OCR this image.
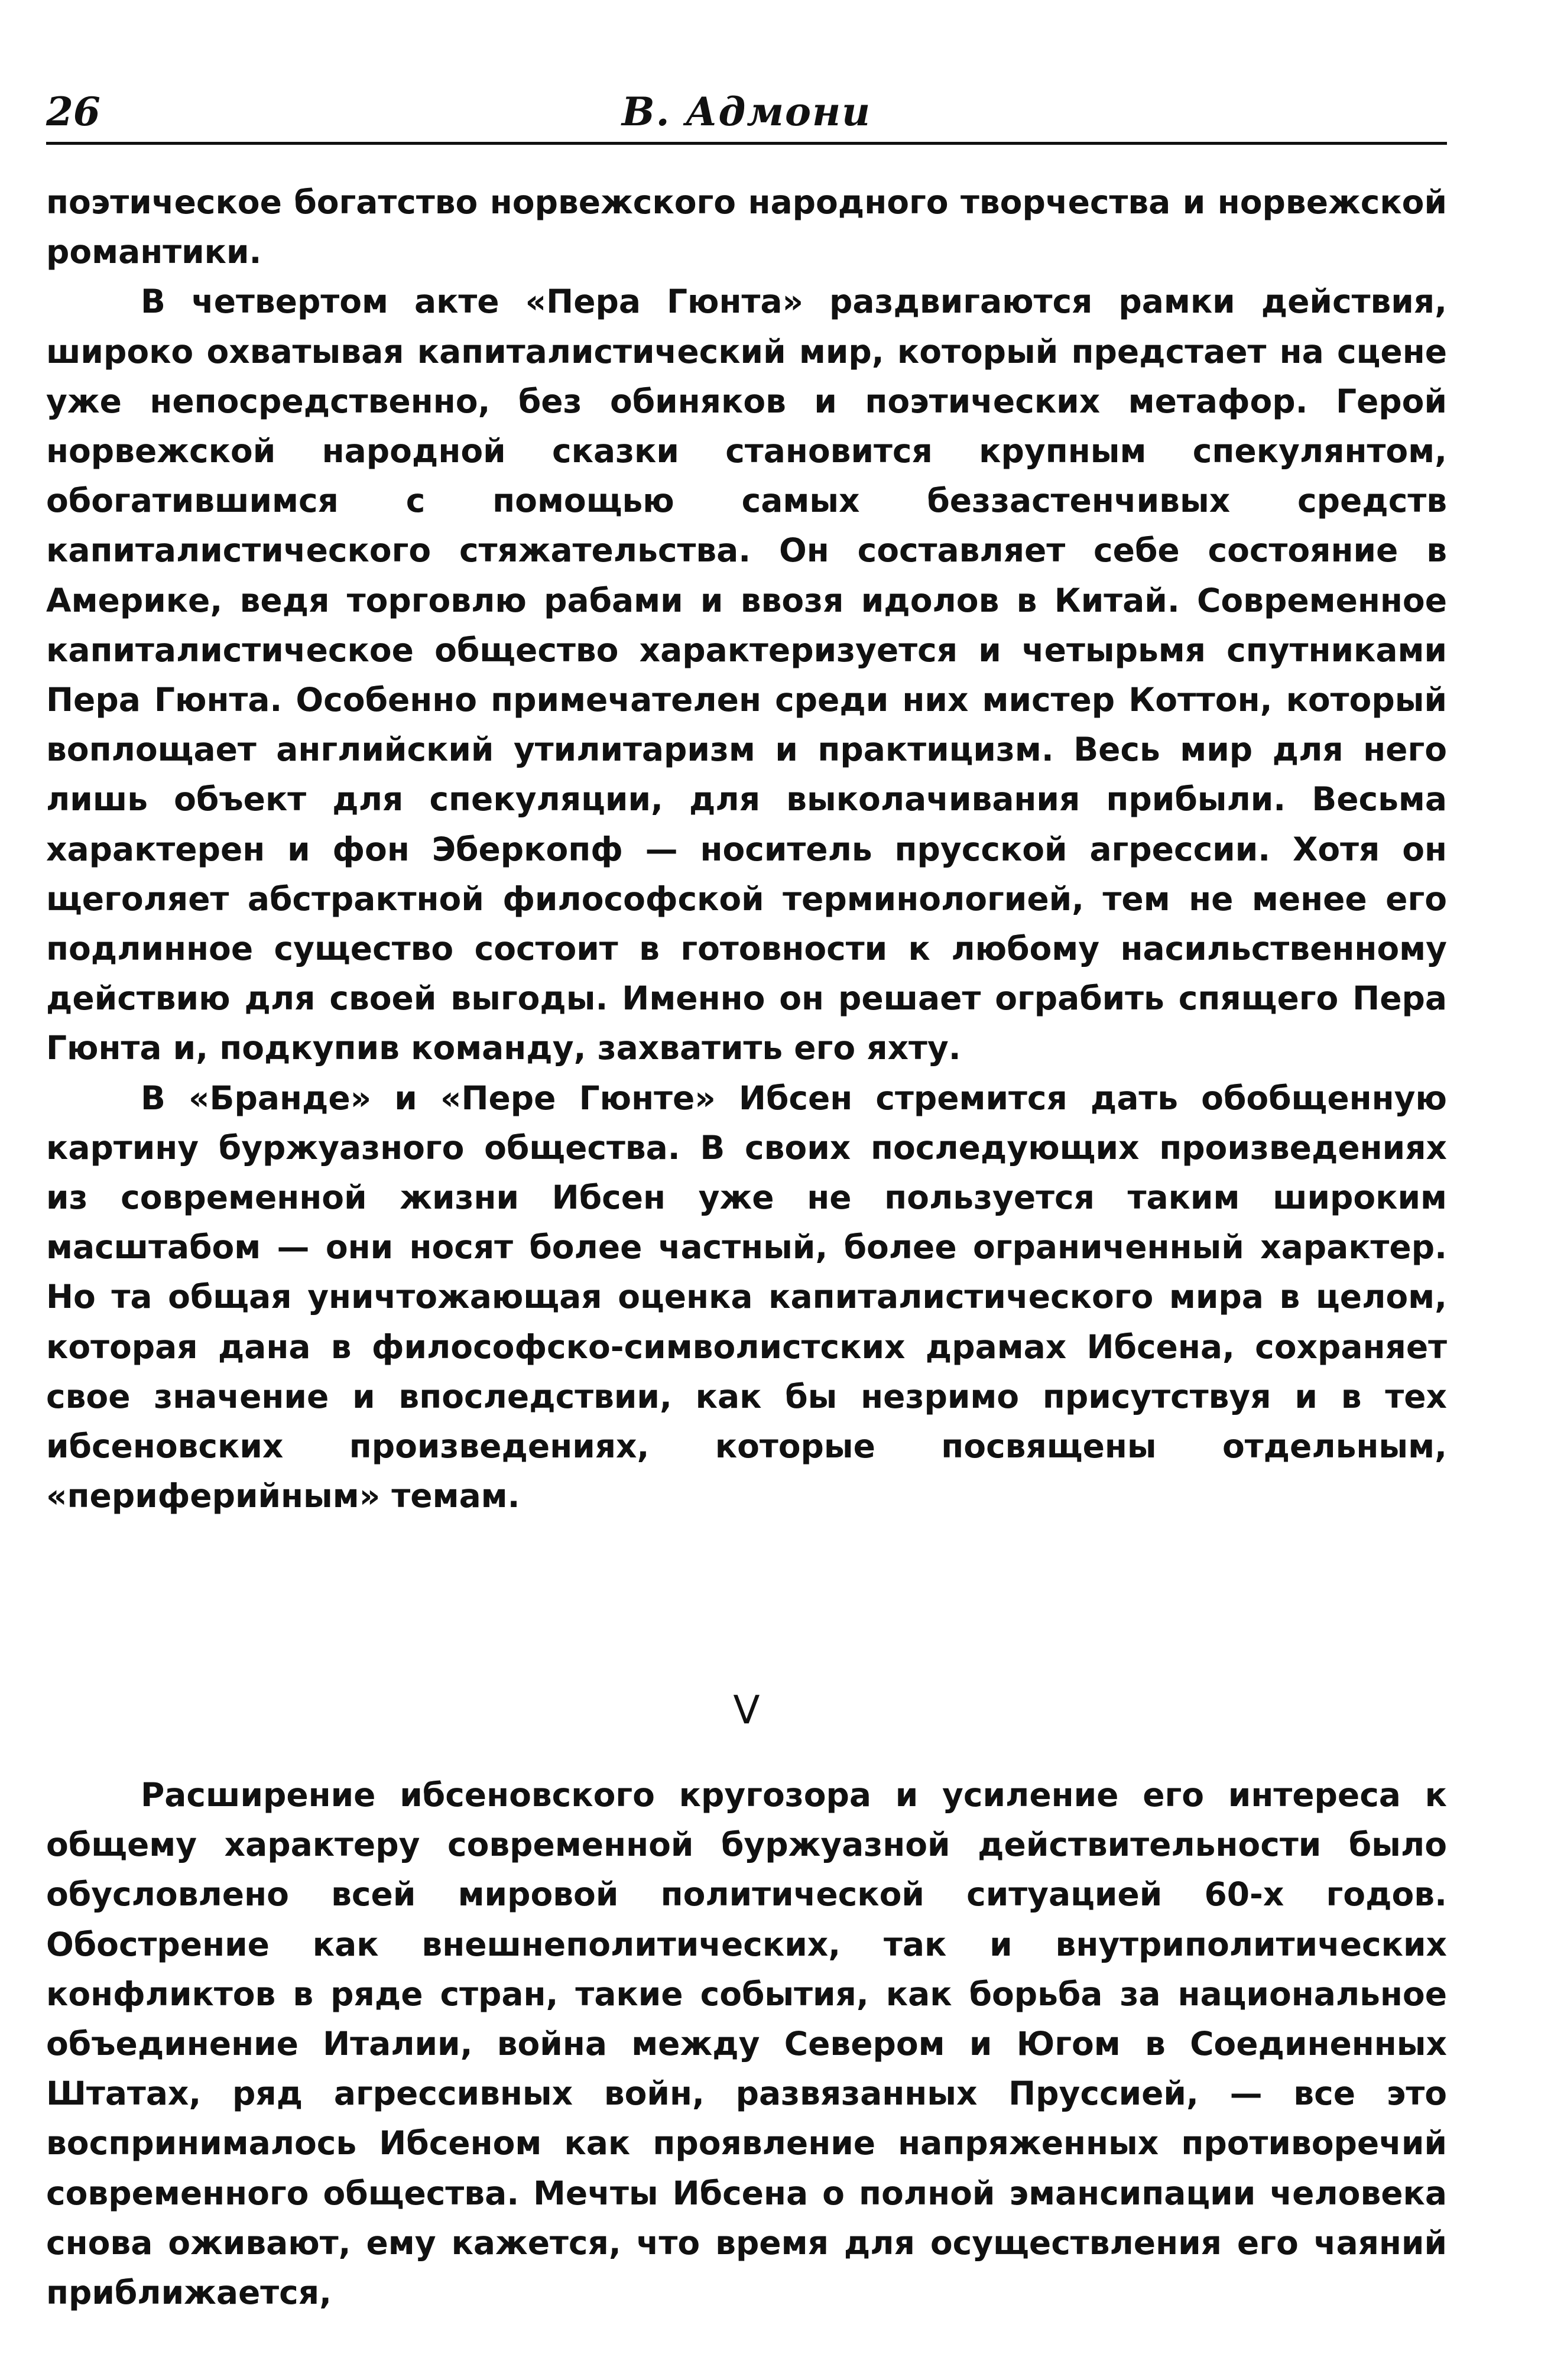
26	В. Адмони

поэтическое богатство норвежского народного творчества и норвежской романтики.

В четвертом акте «Пера Гюнта» раздвигаются рамки действия, широко охватывая капиталистический мир, который предстает на сцене уже непосредственно, без обиняков и поэтических метафор. Герой норвежской народной сказки становится крупным спекулянтом, обогатившимся с помощью самых беззастенчивых средств капиталистического стяжательства. Он составляет себе состояние в Америке, ведя торговлю рабами и ввозя идолов в Китай. Современное капиталистическое общество характеризуется и четырьмя спутниками Пера Гюнта. Особенно примечателен среди них мистер Коттон, который воплощает английский утилитаризм и практицизм. Весь мир для него лишь объект для спекуляции, для выколачивания прибыли. Весьма характерен и фон Эберкопф — носитель прусской агрессии. Хотя он щеголяет абстрактной философской терминологией, тем не менее его подлинное существо состоит в готовности к любому насильственному действию для своей выгоды. Именно он решает ограбить спящего Пера Гюнта и, подкупив команду, захватить его яхту.

В «Бранде» и «Пере Гюнте» Ибсен стремится дать обобщенную картину буржуазного общества. В своих последующих произведениях из современной жизни Ибсен уже не пользуется таким широким масштабом — они носят более частный, более ограниченный характер. Но та общая уничтожающая оценка капиталистического мира в целом, которая дана в философско-символистских драмах Ибсена, сохраняет свое значение и впоследствии, как бы незримо присутствуя и в тех ибсеновских произведениях, которые посвящены отдельным, «периферийным» темам.

V

Расширение ибсеновского кругозора и усиление его интереса к общему характеру современной буржуазной действительности было обусловлено всей мировой политической ситуацией 60-х годов. Обострение как внешнеполитических, так и внутриполитических конфликтов в ряде стран, такие события, как борьба за национальное объединение Италии, война между Севером и Югом в Соединенных Штатах, ряд агрессивных войн, развязанных Пруссией, — все это воспринималось Ибсеном как проявление напряженных противоречий современного общества. Мечты Ибсена о полной эмансипации человека снова оживают, ему кажется, что время для осуществления его чаяний приближается,
